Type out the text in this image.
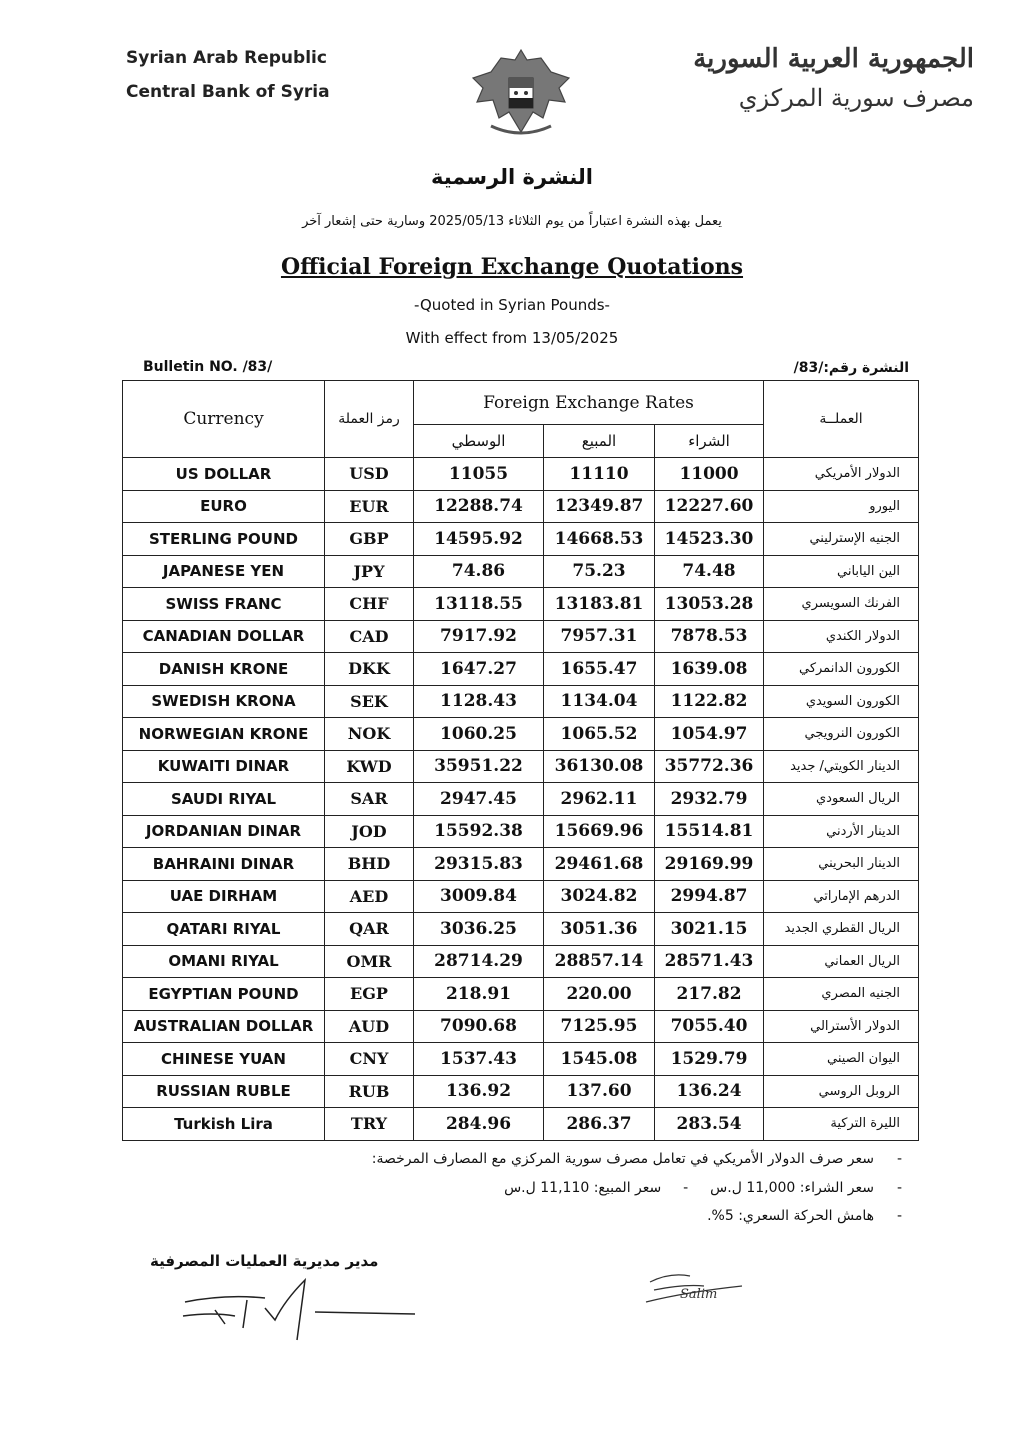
Syrian Arab Republic
Central Bank of Syria
الجمهورية العربية السورية
مصرف سورية المركزي
النشرة الرسمية
يعمل بهذه النشرة اعتباراً من يوم الثلاثاء 2025/05/13 وسارية حتى إشعار آخر
Official Foreign Exchange Quotations
-Quoted in Syrian Pounds-
With effect from 13/05/2025
Bulletin NO. /83/	النشرة رقم:/83/
Currency	رمز العملة	Foreign Exchange Rates			العملــة
		الوسطي	المبيع	الشراء	
US DOLLAR	USD	11055	11110	11000	الدولار الأمريكي
EURO	EUR	12288.74	12349.87	12227.60	اليورو
STERLING POUND	GBP	14595.92	14668.53	14523.30	الجنيه الإسترليني
JAPANESE YEN	JPY	74.86	75.23	74.48	الين الياباني
SWISS FRANC	CHF	13118.55	13183.81	13053.28	الفرنك السويسري
CANADIAN DOLLAR	CAD	7917.92	7957.31	7878.53	الدولار الكندي
DANISH KRONE	DKK	1647.27	1655.47	1639.08	الكورون الدانمركي
SWEDISH KRONA	SEK	1128.43	1134.04	1122.82	الكورون السويدي
NORWEGIAN KRONE	NOK	1060.25	1065.52	1054.97	الكورون النرويجي
KUWAITI DINAR	KWD	35951.22	36130.08	35772.36	الدينار الكويتي/ جديد
SAUDI RIYAL	SAR	2947.45	2962.11	2932.79	الريال السعودي
JORDANIAN DINAR	JOD	15592.38	15669.96	15514.81	الدينار الأردني
BAHRAINI DINAR	BHD	29315.83	29461.68	29169.99	الدينار البحريني
UAE DIRHAM	AED	3009.84	3024.82	2994.87	الدرهم الإماراتي
QATARI RIYAL	QAR	3036.25	3051.36	3021.15	الريال القطري الجديد
OMANI RIYAL	OMR	28714.29	28857.14	28571.43	الريال العماني
EGYPTIAN POUND	EGP	218.91	220.00	217.82	الجنيه المصري
AUSTRALIAN DOLLAR	AUD	7090.68	7125.95	7055.40	الدولار الأسترالي
CHINESE YUAN	CNY	1537.43	1545.08	1529.79	اليوان الصيني
RUSSIAN RUBLE	RUB	136.92	137.60	136.24	الروبل الروسي
Turkish Lira	TRY	284.96	286.37	283.54	الليرة التركية
-
سعر صرف الدولار الأمريكي في تعامل مصرف سورية المركزي مع المصارف المرخصة:
-
سعر الشراء: 11,000 ل.س - سعر المبيع: 11,110 ل.س
-
هامش الحركة السعري: 5%.
مدير مديرية العمليات المصرفية
Salim
